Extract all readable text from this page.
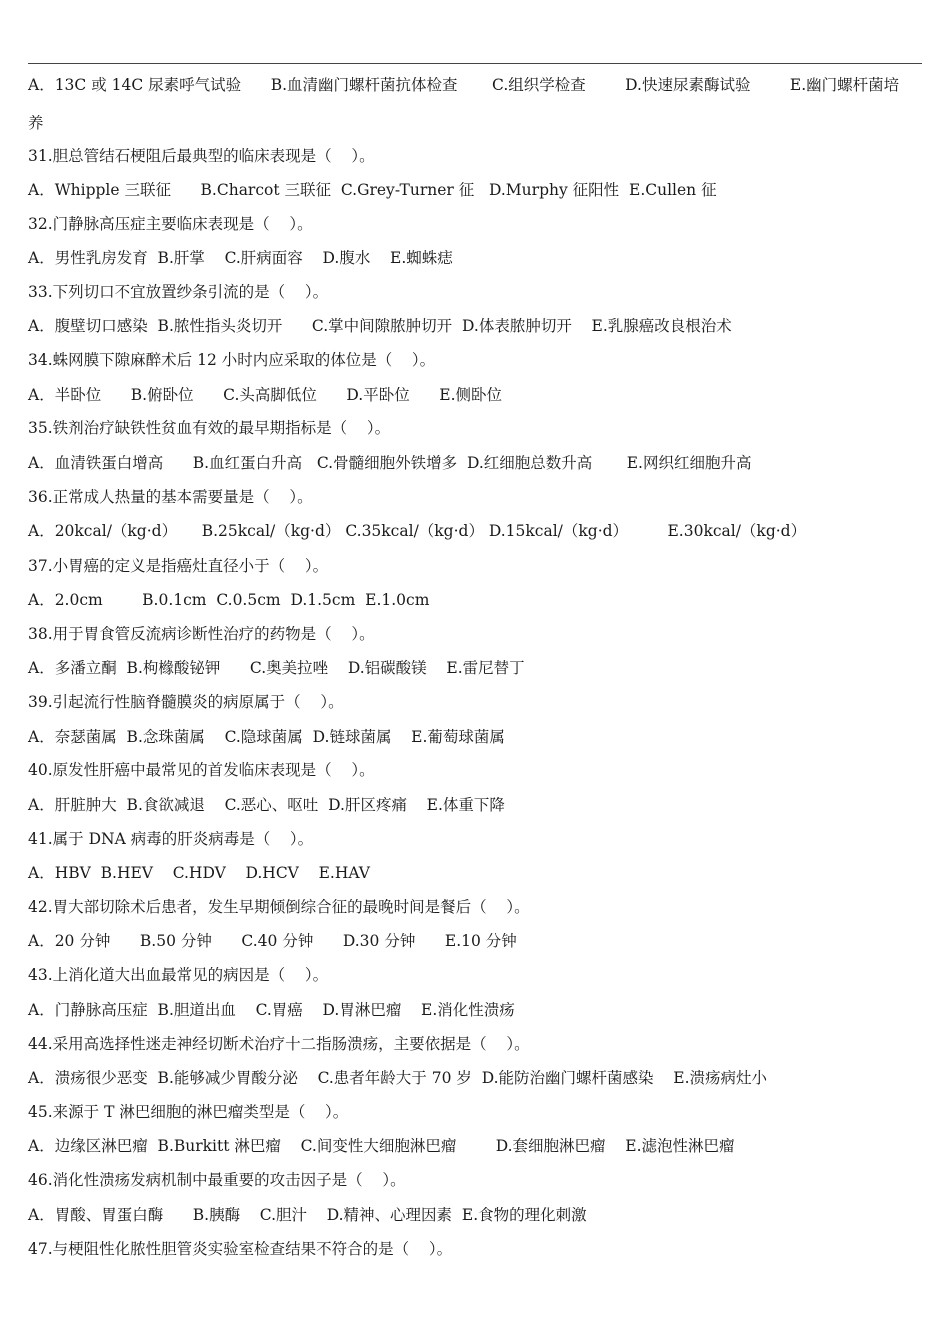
A．13C 或 14C 尿素呼气试验      B.血清幽门螺杆菌抗体检查       C.组织学检查        D.快速尿素酶试验        E.幽门螺杆菌培
养
31.胆总管结石梗阻后最典型的临床表现是（    ）。
A．Whipple 三联征      B.Charcot 三联征  C.Grey-Turner 征   D.Murphy 征阳性  E.Cullen 征
32.门静脉高压症主要临床表现是（    ）。
A．男性乳房发育  B.肝掌    C.肝病面容    D.腹水    E.蜘蛛痣
33.下列切口不宜放置纱条引流的是（    ）。
A．腹壁切口感染  B.脓性指头炎切开      C.掌中间隙脓肿切开  D.体表脓肿切开    E.乳腺癌改良根治术
34.蛛网膜下隙麻醉术后 12 小时内应采取的体位是（    ）。
A．半卧位      B.俯卧位      C.头高脚低位      D.平卧位      E.侧卧位
35.铁剂治疗缺铁性贫血有效的最早期指标是（    ）。
A．血清铁蛋白增高      B.血红蛋白升高   C.骨髓细胞外铁增多  D.红细胞总数升高       E.网织红细胞升高
36.正常成人热量的基本需要量是（    ）。
A．20kcal/（kg·d）     B.25kcal/（kg·d） C.35kcal/（kg·d） D.15kcal/（kg·d）        E.30kcal/（kg·d）
37.小胃癌的定义是指癌灶直径小于（    ）。
A．2.0cm        B.0.1cm  C.0.5cm  D.1.5cm  E.1.0cm
38.用于胃食管反流病诊断性治疗的药物是（    ）。
A．多潘立酮  B.枸橼酸铋钾      C.奥美拉唑    D.铝碳酸镁    E.雷尼替丁
39.引起流行性脑脊髓膜炎的病原属于（    ）。
A．奈瑟菌属  B.念珠菌属    C.隐球菌属  D.链球菌属    E.葡萄球菌属
40.原发性肝癌中最常见的首发临床表现是（    ）。
A．肝脏肿大  B.食欲减退    C.恶心、呕吐  D.肝区疼痛    E.体重下降
41.属于 DNA 病毒的肝炎病毒是（    ）。
A．HBV  B.HEV    C.HDV    D.HCV    E.HAV
42.胃大部切除术后患者，发生早期倾倒综合征的最晚时间是餐后（    ）。
A．20 分钟      B.50 分钟      C.40 分钟      D.30 分钟      E.10 分钟
43.上消化道大出血最常见的病因是（    ）。
A．门静脉高压症  B.胆道出血    C.胃癌    D.胃淋巴瘤    E.消化性溃疡
44.采用高选择性迷走神经切断术治疗十二指肠溃疡，主要依据是（    ）。
A．溃疡很少恶变  B.能够减少胃酸分泌    C.患者年龄大于 70 岁  D.能防治幽门螺杆菌感染    E.溃疡病灶小
45.来源于 T 淋巴细胞的淋巴瘤类型是（    ）。
A．边缘区淋巴瘤  B.Burkitt 淋巴瘤    C.间变性大细胞淋巴瘤        D.套细胞淋巴瘤    E.滤泡性淋巴瘤
46.消化性溃疡发病机制中最重要的攻击因子是（    ）。
A．胃酸、胃蛋白酶      B.胰酶    C.胆汁    D.精神、心理因素  E.食物的理化刺激
47.与梗阻性化脓性胆管炎实验室检查结果不符合的是（    ）。
